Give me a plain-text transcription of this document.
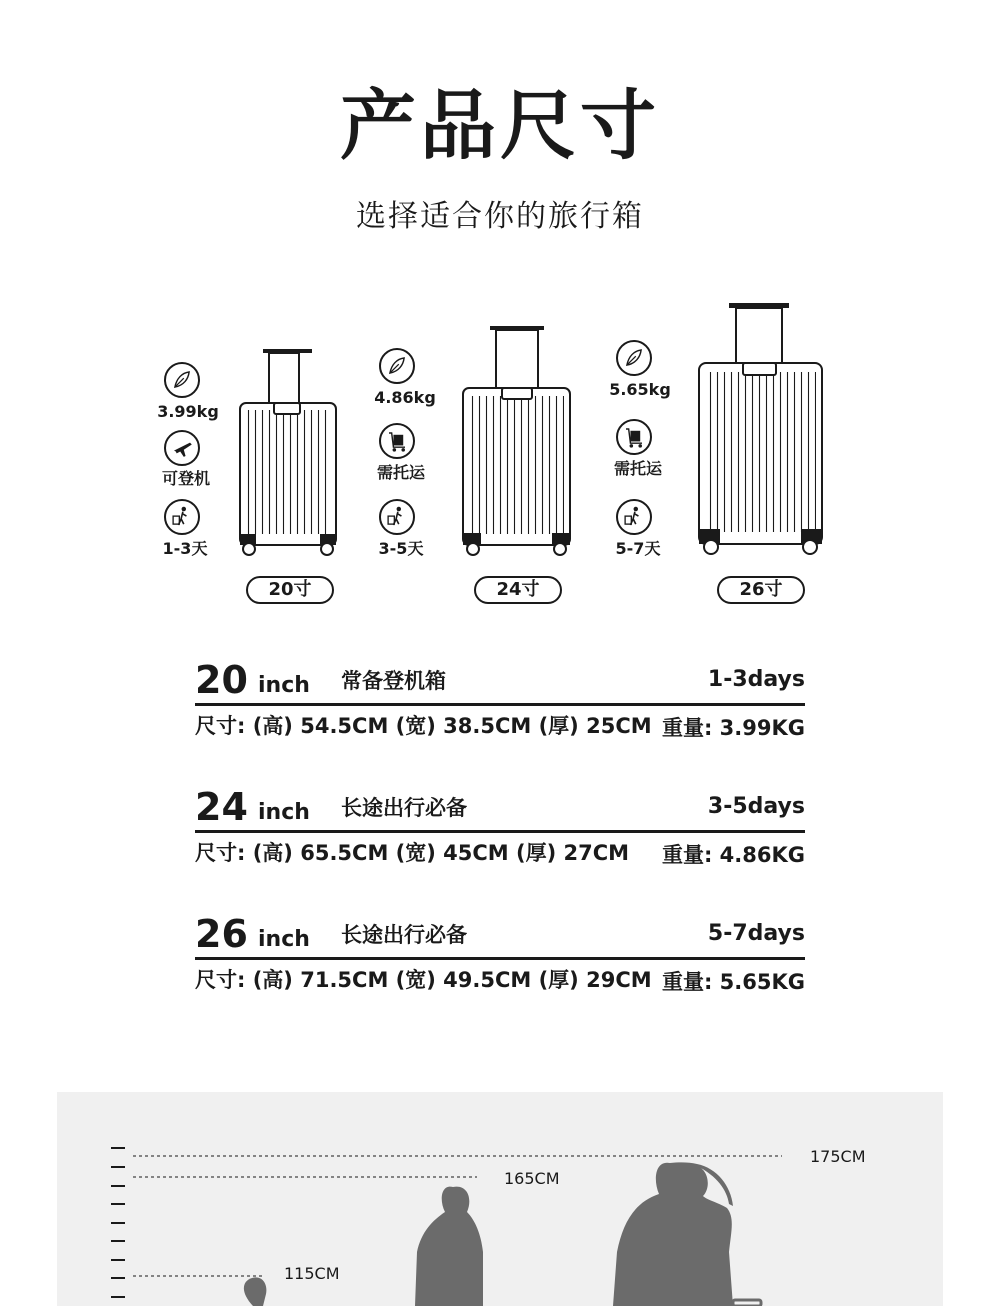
产品尺寸
选择适合你的旅行箱
3.99kg
可登机
1-3天
4.86kg
需托运
3-5天
5.65kg
需托运
5-7天
20寸	24寸	26寸
20 inch 常备登机箱	1-3days
尺寸: (高) 54.5CM (宽) 38.5CM (厚) 25CM 重量: 3.99KG
24 inch 长途出行必备	3-5days
尺寸: (高) 65.5CM (宽) 45CM (厚) 27CM 重量: 4.86KG
26 inch 长途出行必备	5-7days
尺寸: (高) 71.5CM (宽) 49.5CM (厚) 29CM 重量: 5.65KG
175CM
165CM
115CM
